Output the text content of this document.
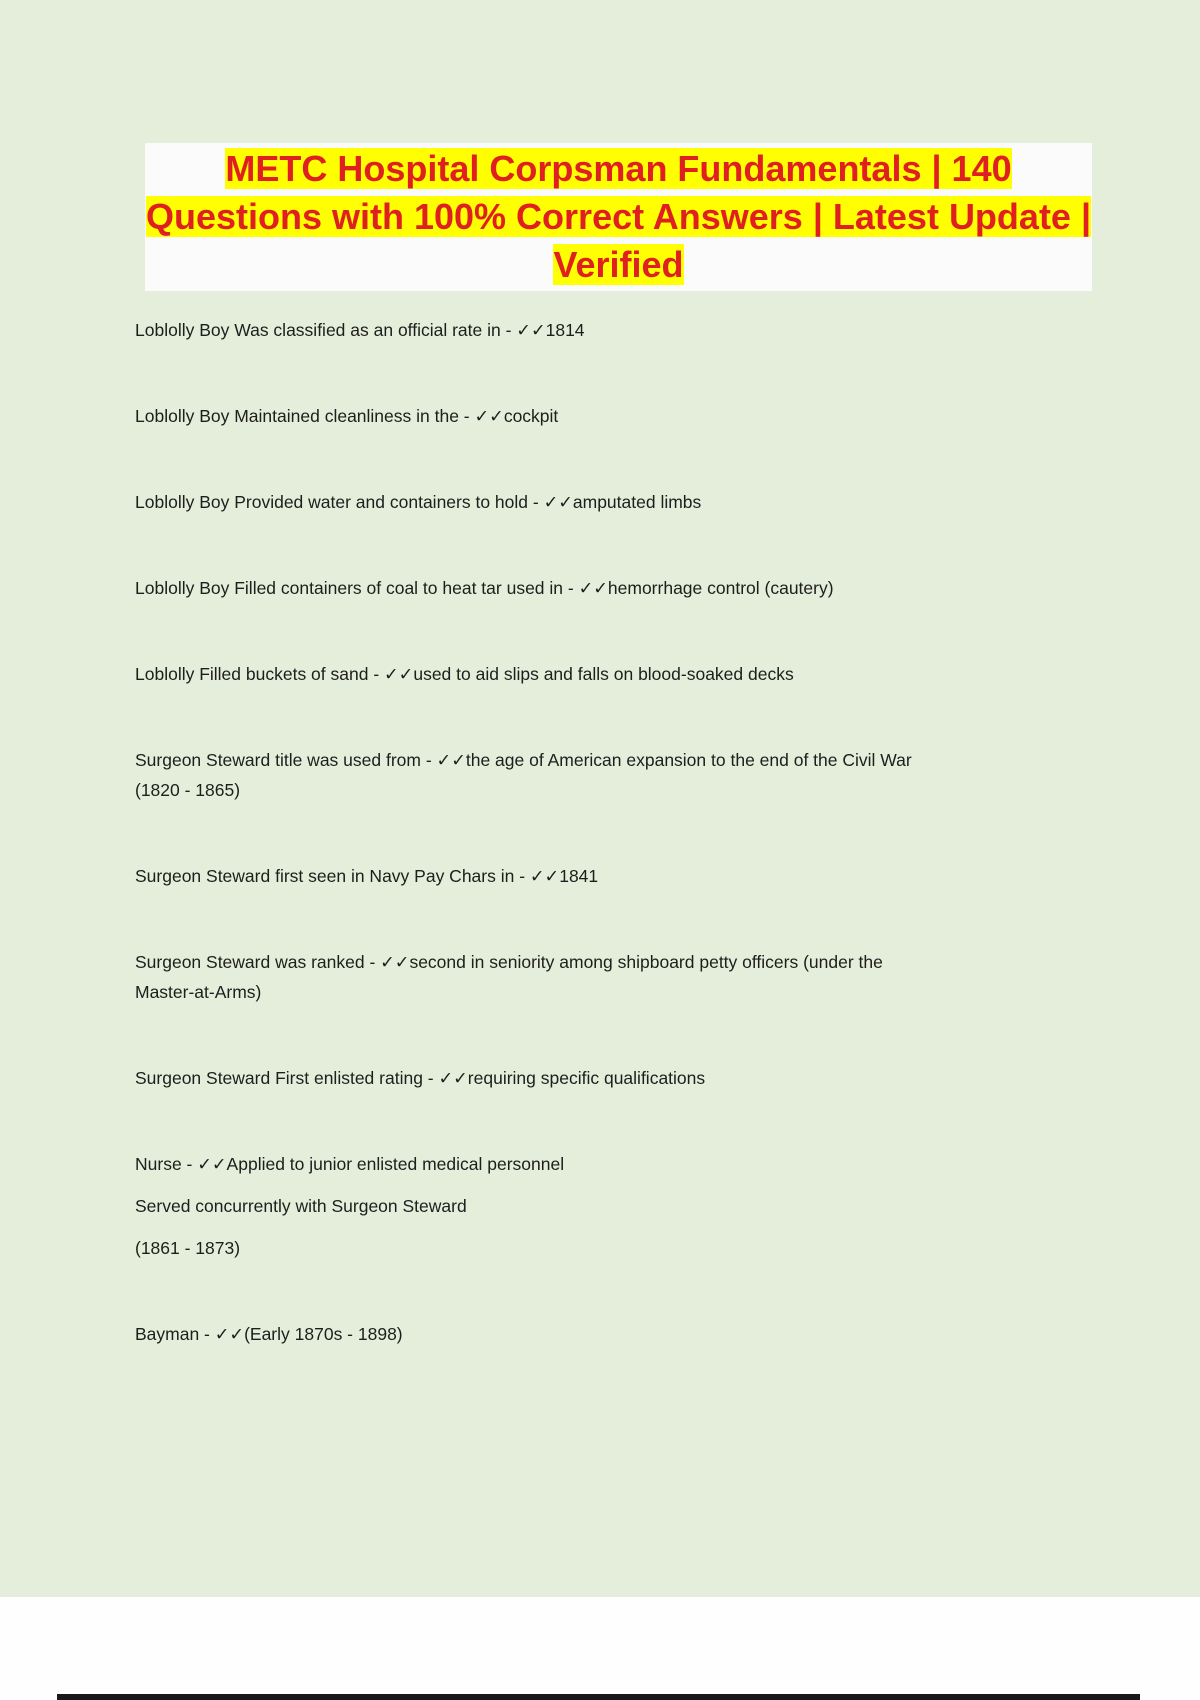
METC Hospital Corpsman Fundamentals | 140 Questions with 100% Correct Answers | Latest Update | Verified

Loblolly Boy Was classified as an official rate in - ✓✓1814

Loblolly Boy Maintained cleanliness in the - ✓✓cockpit

Loblolly Boy Provided water and containers to hold - ✓✓amputated limbs

Loblolly Boy Filled containers of coal to heat tar used in - ✓✓hemorrhage control (cautery)

Loblolly Filled buckets of sand - ✓✓used to aid slips and falls on blood-soaked decks

Surgeon Steward title was used from - ✓✓the age of American expansion to the end of the Civil War

(1820 - 1865)

Surgeon Steward first seen in Navy Pay Chars in - ✓✓1841

Surgeon Steward was ranked - ✓✓second in seniority among shipboard petty officers (under the

Master-at-Arms)

Surgeon Steward First enlisted rating - ✓✓requiring specific qualifications

Nurse - ✓✓Applied to junior enlisted medical personnel

Served concurrently with Surgeon Steward

(1861 - 1873)

Bayman - ✓✓(Early 1870s - 1898)
